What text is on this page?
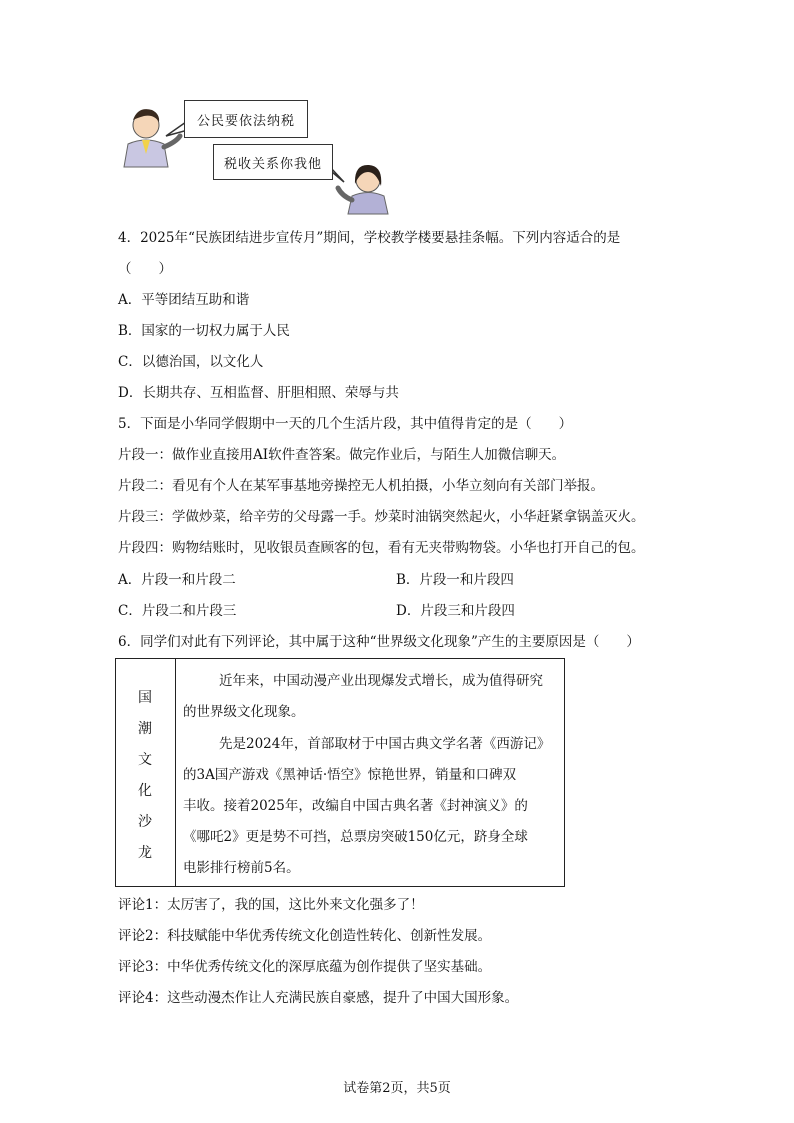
公民要依法纳税
税收关系你我他
4．2025年“民族团结进步宣传月”期间，学校教学楼要悬挂条幅。下列内容适合的是
（　　）
A．平等团结互助和谐
B．国家的一切权力属于人民
C．以德治国，以文化人
D．长期共存、互相监督、肝胆相照、荣辱与共
5．下面是小华同学假期中一天的几个生活片段，其中值得肯定的是（　　）
片段一：做作业直接用AI软件查答案。做完作业后，与陌生人加微信聊天。
片段二：看见有个人在某军事基地旁操控无人机拍摄，小华立刻向有关部门举报。
片段三：学做炒菜，给辛劳的父母露一手。炒菜时油锅突然起火，小华赶紧拿锅盖灭火。
片段四：购物结账时，见收银员查顾客的包，看有无夹带购物袋。小华也打开自己的包。
A．片段一和片段二	B．片段一和片段四
C．片段二和片段三	D．片段三和片段四
6．同学们对此有下列评论，其中属于这种“世界级文化现象”产生的主要原因是（　　）
国
潮
文
化
沙
龙
近年来，中国动漫产业出现爆发式增长，成为值得研究
的世界级文化现象。
先是2024年，首部取材于中国古典文学名著《西游记》
的3A国产游戏《黑神话·悟空》惊艳世界，销量和口碑双
丰收。接着2025年，改编自中国古典名著《封神演义》的
《哪吒2》更是势不可挡，总票房突破150亿元，跻身全球
电影排行榜前5名。
评论1：太厉害了，我的国，这比外来文化强多了！
评论2：科技赋能中华优秀传统文化创造性转化、创新性发展。
评论3：中华优秀传统文化的深厚底蕴为创作提供了坚实基础。
评论4：这些动漫杰作让人充满民族自豪感，提升了中国大国形象。
试卷第2页，共5页
